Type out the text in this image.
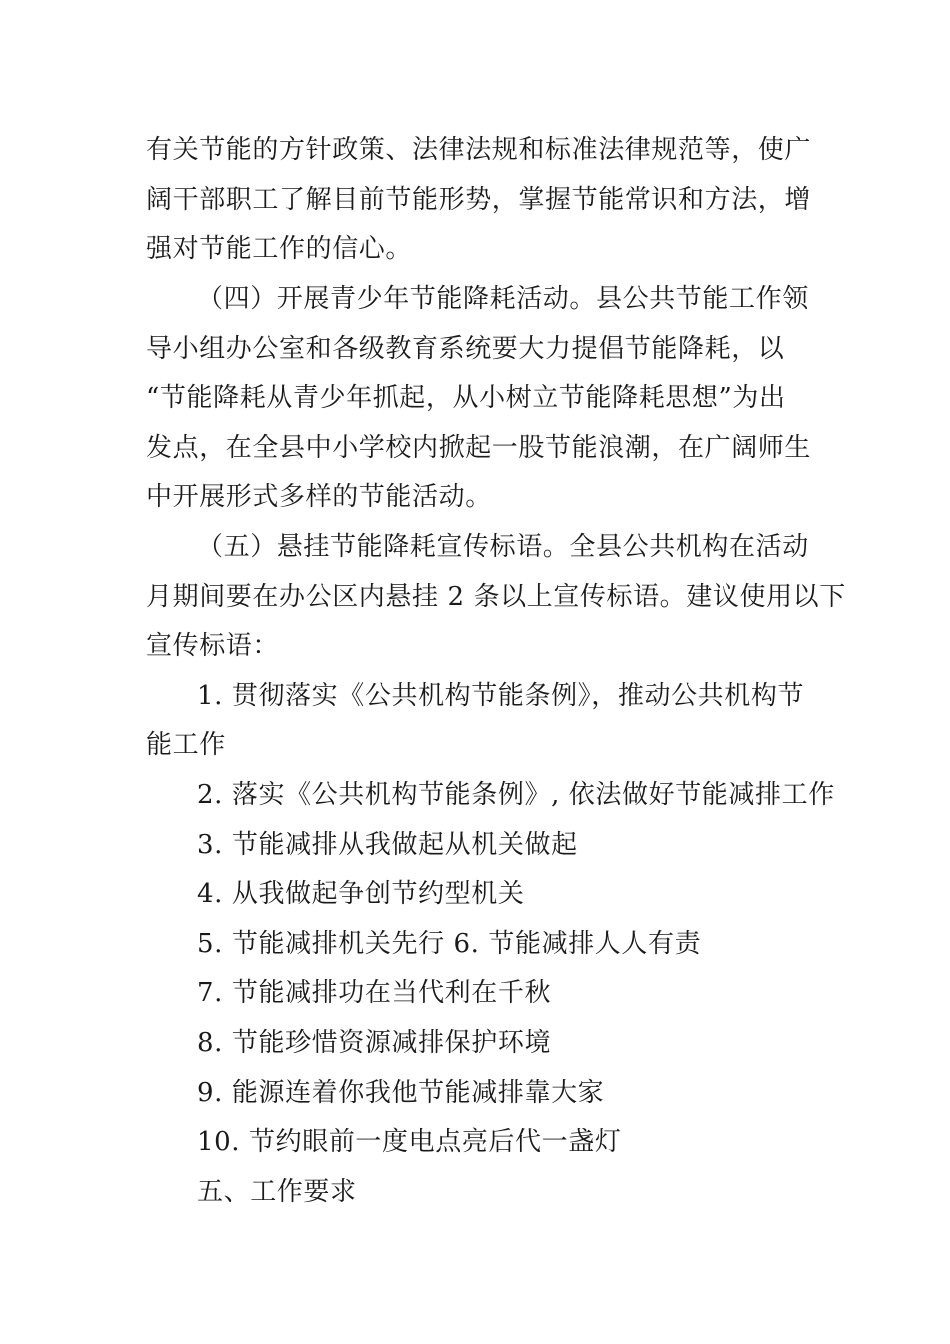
有关节能的方针政策、法律法规和标准法律规范等，使广
阔干部职工了解目前节能形势，掌握节能常识和方法，增
强对节能工作的信心。
（四）开展青少年节能降耗活动。县公共节能工作领
导小组办公室和各级教育系统要大力提倡节能降耗，以
“节能降耗从青少年抓起，从小树立节能降耗思想”为出
发点，在全县中小学校内掀起一股节能浪潮，在广阔师生
中开展形式多样的节能活动。
（五）悬挂节能降耗宣传标语。全县公共机构在活动
月期间要在办公区内悬挂 2 条以上宣传标语。建议使用以下
宣传标语：
1. 贯彻落实《公共机构节能条例》，推动公共机构节
能工作
2. 落实《公共机构节能条例》, 依法做好节能减排工作
3. 节能减排从我做起从机关做起
4. 从我做起争创节约型机关
5. 节能减排机关先行 6. 节能减排人人有责
7. 节能减排功在当代利在千秋
8. 节能珍惜资源减排保护环境
9. 能源连着你我他节能减排靠大家
10. 节约眼前一度电点亮后代一盏灯
五、工作要求
